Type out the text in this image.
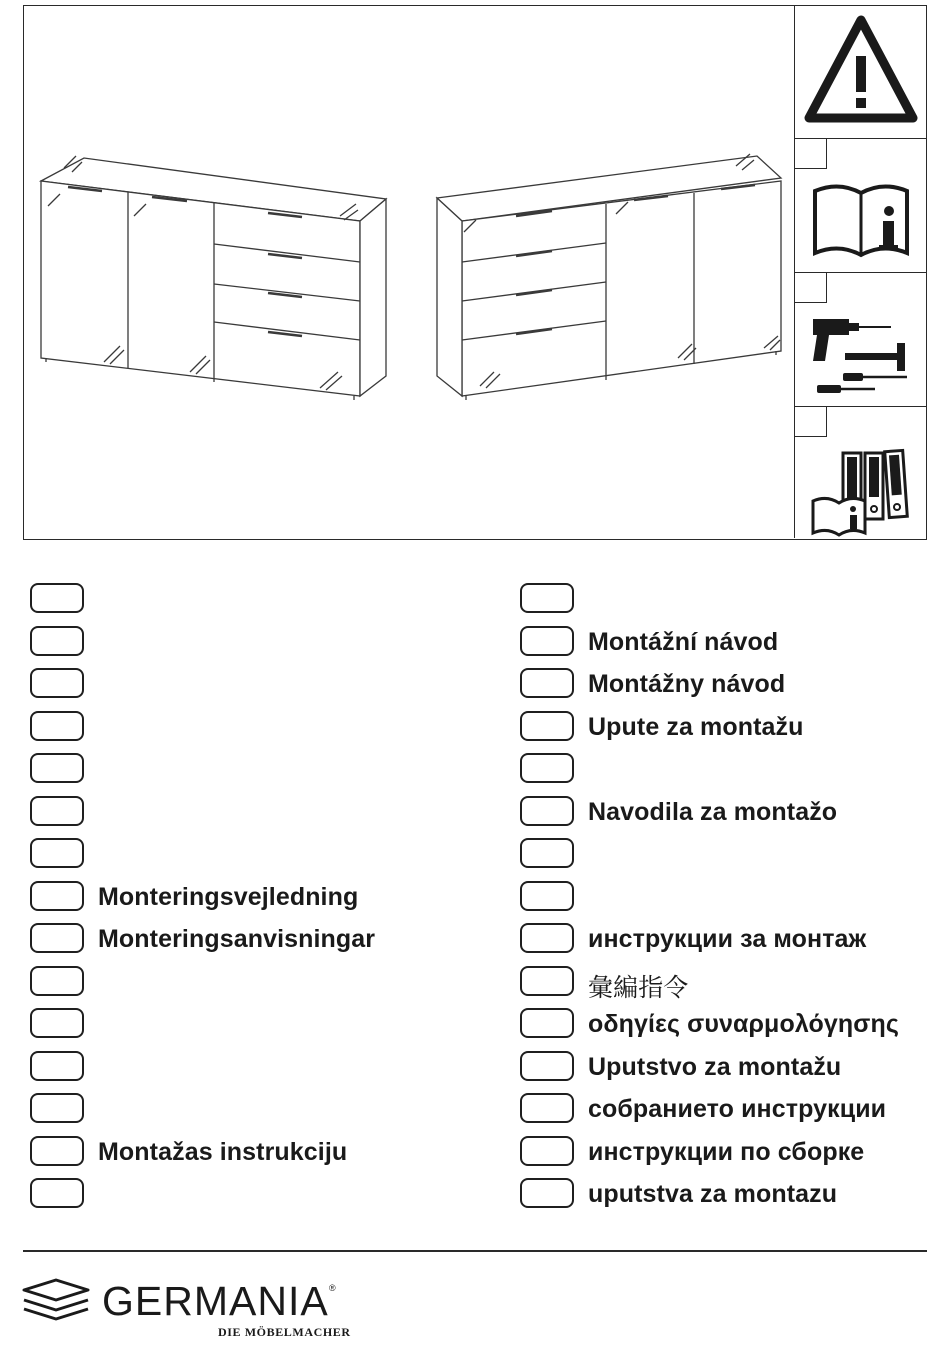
Monteringsvejledning
Monteringsanvisningar
Montažas instrukciju
Montážní návod
Montážny návod
Upute za montažu
Navodila za montažo
инструкции за монтаж
彙編指令
οδηγίες συναρμολόγησης
Uputstvo za montažu
собранието инструкции
инструкции по сборке
uputstva za montazu
GERMANIA ®
DIE MÖBELMACHER
